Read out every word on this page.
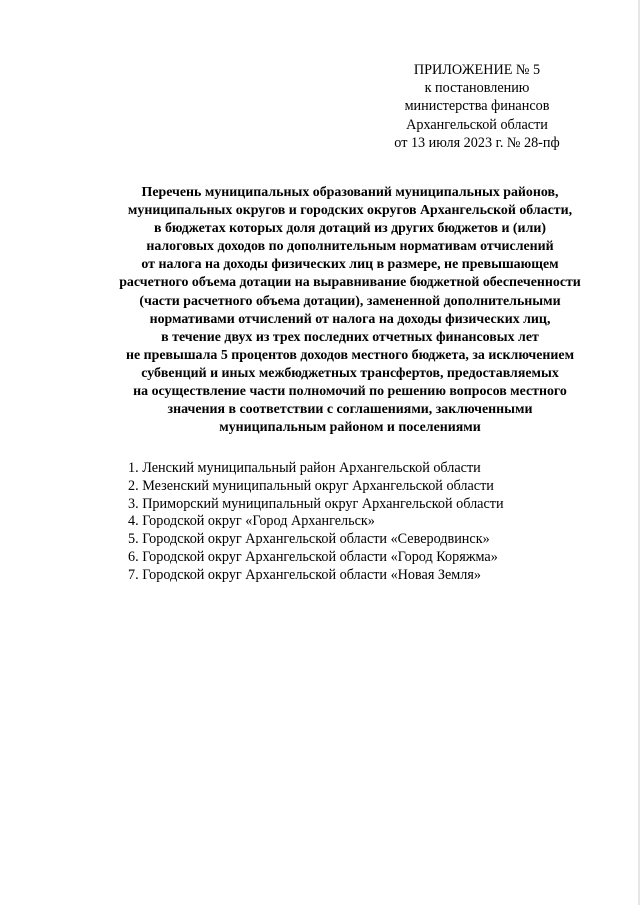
ПРИЛОЖЕНИЕ № 5
к постановлению
министерства финансов
Архангельской области
от 13 июля 2023 г. № 28-пф
Перечень муниципальных образований муниципальных районов,
муниципальных округов и городских округов Архангельской области,
в бюджетах которых доля дотаций из других бюджетов и (или)
налоговых доходов по дополнительным нормативам отчислений
от налога на доходы физических лиц в размере, не превышающем
расчетного объема дотации на выравнивание бюджетной обеспеченности
(части расчетного объема дотации), замененной дополнительными
нормативами отчислений от налога на доходы физических лиц,
в течение двух из трех последних отчетных финансовых лет
не превышала 5 процентов доходов местного бюджета, за исключением
субвенций и иных межбюджетных трансфертов, предоставляемых
на осуществление части полномочий по решению вопросов местного
значения в соответствии с соглашениями, заключенными
муниципальным районом и поселениями
1. Ленский муниципальный район Архангельской области
2. Мезенский муниципальный округ Архангельской области
3. Приморский муниципальный округ Архангельской области
4. Городской округ «Город Архангельск»
5. Городской округ Архангельской области «Северодвинск»
6. Городской округ Архангельской области «Город Коряжма»
7. Городской округ Архангельской области «Новая Земля»
